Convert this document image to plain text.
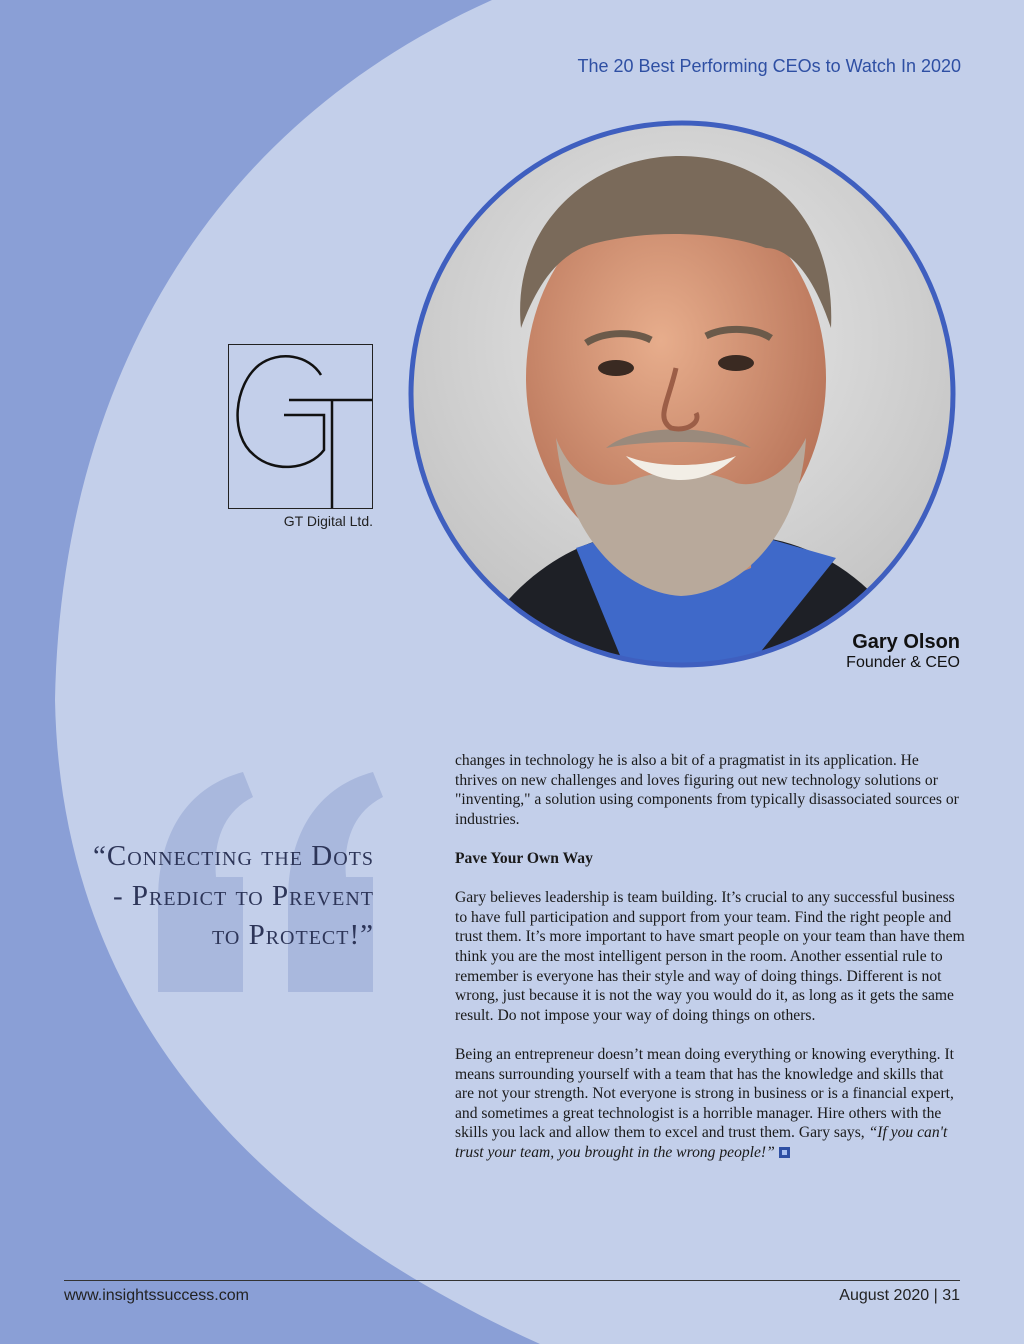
The 20 Best Performing CEOs to Watch In 2020
GT Digital Ltd.
Gary Olson
Founder & CEO
“Connecting the Dots - Predict to Prevent to Protect!”

changes in technology he is also a bit of a pragmatist in its application. He thrives on new challenges and loves figuring out new technology solutions or "inventing," a solution using components from typically disassociated sources or industries.

Pave Your Own Way

Gary believes leadership is team building. It’s crucial to any successful business to have full participation and support from your team. Find the right people and trust them. It’s more important to have smart people on your team than have them think you are the most intelligent person in the room. Another essential rule to remember is everyone has their style and way of doing things. Different is not wrong, just because it is not the way you would do it, as long as it gets the same result. Do not impose your way of doing things on others.

Being an entrepreneur doesn’t mean doing everything or knowing everything. It means surrounding yourself with a team that has the knowledge and skills that are not your strength. Not everyone is strong in business or is a financial expert, and sometimes a great technologist is a horrible manager. Hire others with the skills you lack and allow them to excel and trust them. Gary says, “If you can't trust your team, you brought in the wrong people!”

www.insightssuccess.com	August 2020 | 31
